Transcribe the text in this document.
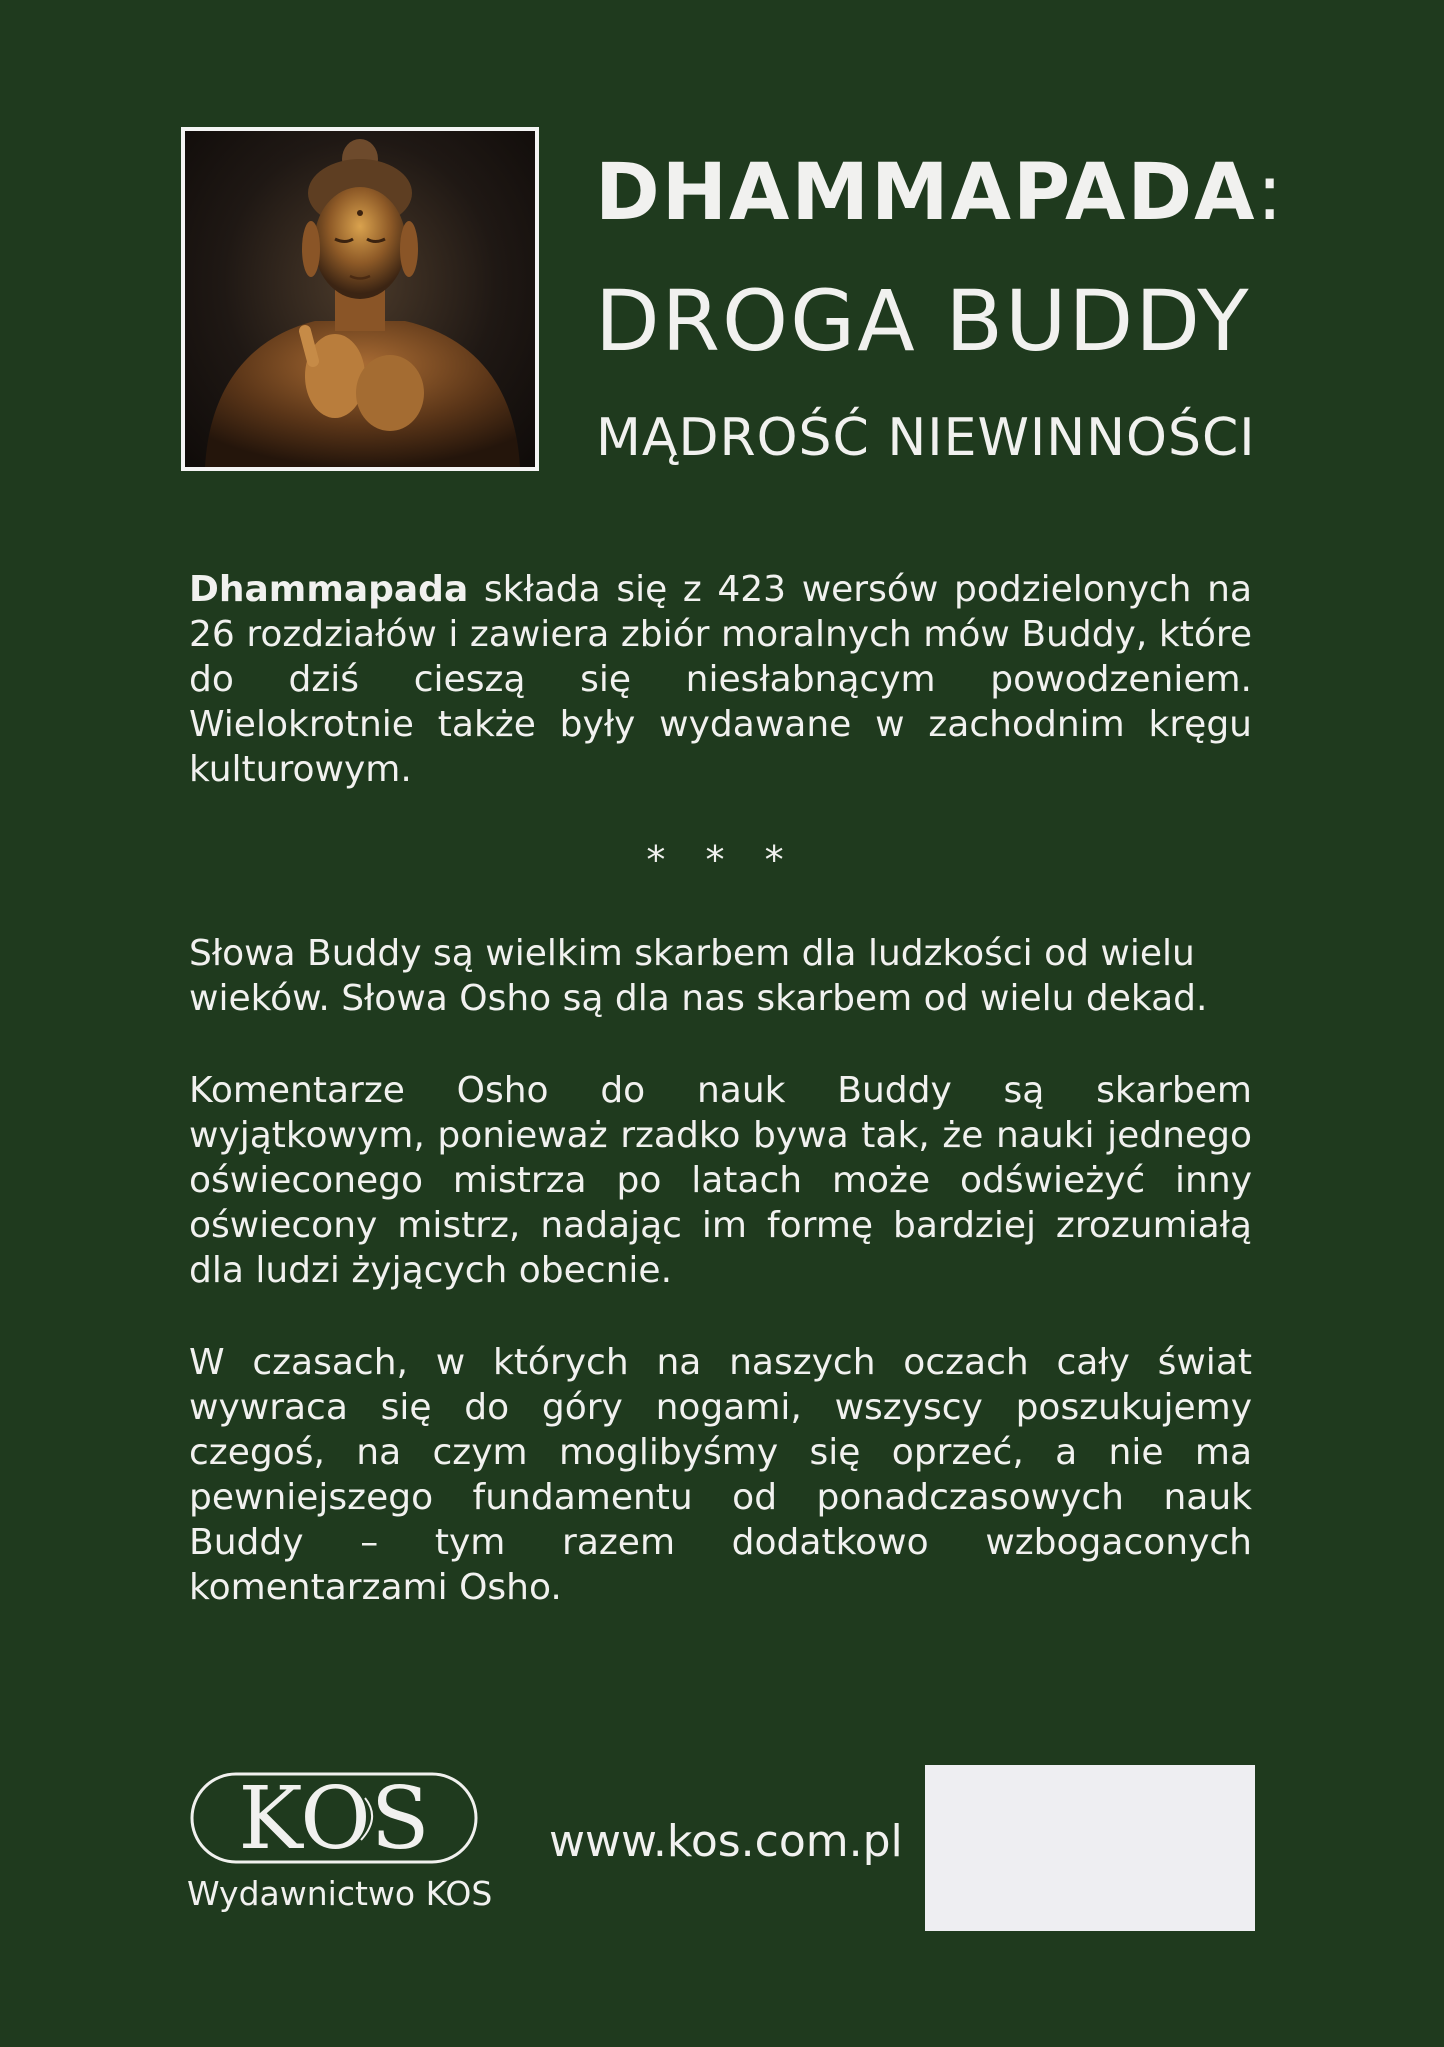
DHAMMAPADA:
DROGA BUDDY
MĄDROŚĆ NIEWINNOŚCI
Dhammapada składa się z 423 wersów podzielonych na 26 rozdziałów i zawiera zbiór moralnych mów Buddy, które do dziś cieszą się niesłabnącym powodzeniem. Wielokrotnie także były wydawane w zachodnim kręgu kulturowym.
* * *
Słowa Buddy są wielkim skarbem dla ludzkości od wielu wieków. Słowa Osho są dla nas skarbem od wielu dekad.
Komentarze Osho do nauk Buddy są skarbem wyjątkowym, ponieważ rzadko bywa tak, że nauki jednego oświeconego mistrza po latach może odświeżyć inny oświecony mistrz, nadając im formę bardziej zrozumiałą dla ludzi żyjących obecnie.
W czasach, w których na naszych oczach cały świat wywraca się do góry nogami, wszyscy poszukujemy czegoś, na czym moglibyśmy się oprzeć, a nie ma pewniejszego fundamentu od ponadczasowych nauk Buddy – tym razem dodatkowo wzbogaconych komentarzami Osho.
KOS
Wydawnictwo KOS
www.kos.com.pl
